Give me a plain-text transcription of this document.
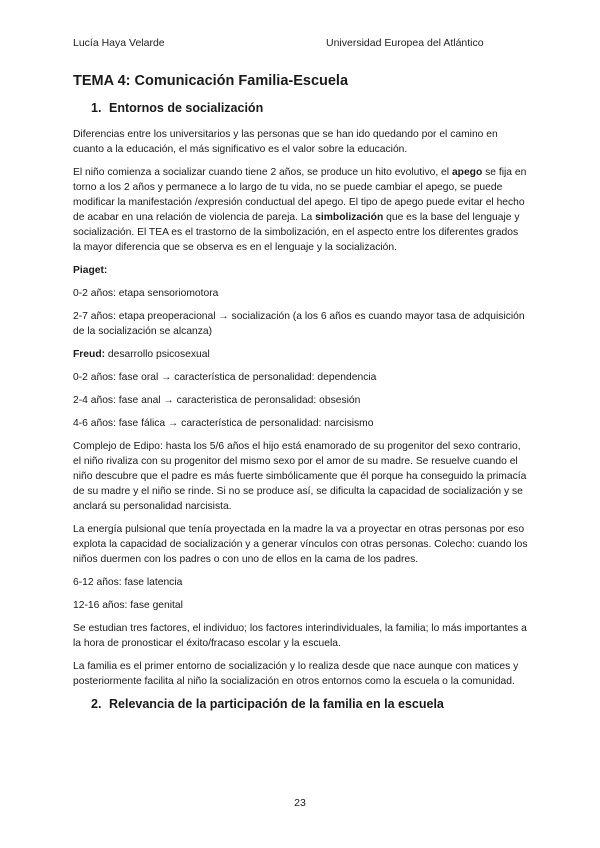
Lucía Haya Velarde	Universidad Europea del Atlántico
TEMA 4: Comunicación Familia-Escuela
1. Entornos de socialización

Diferencias entre los universitarios y las personas que se han ido quedando por el camino en cuanto a la educación, el más significativo es el valor sobre la educación.

El niño comienza a socializar cuando tiene 2 años, se produce un hito evolutivo, el apego se fija en torno a los 2 años y permanece a lo largo de tu vida, no se puede cambiar el apego, se puede modificar la manifestación /expresión conductual del apego. El tipo de apego puede evitar el hecho de acabar en una relación de violencia de pareja. La simbolización que es la base del lenguaje y socialización. El TEA es el trastorno de la simbolización, en el aspecto entre los diferentes grados la mayor diferencia que se observa es en el lenguaje y la socialización.

Piaget:

0-2 años: etapa sensoriomotora

2-7 años: etapa preoperacional → socialización (a los 6 años es cuando mayor tasa de adquisición de la socialización se alcanza)

Freud: desarrollo psicosexual

0-2 años: fase oral → característica de personalidad: dependencia

2-4 años: fase anal → caracteristica de peronsalidad: obsesión

4-6 años: fase fálica → característica de personalidad: narcisismo

Complejo de Edipo: hasta los 5/6 años el hijo está enamorado de su progenitor del sexo contrario, el niño rivaliza con su progenitor del mismo sexo por el amor de su madre. Se resuelve cuando el niño descubre que el padre es más fuerte simbólicamente que él porque ha conseguido la primacía de su madre y el niño se rinde. Si no se produce así, se dificulta la capacidad de socialización y se anclará su personalidad narcisista.

La energía pulsional que tenía proyectada en la madre la va a proyectar en otras personas por eso explota la capacidad de socialización y a generar vínculos con otras personas. Colecho: cuando los niños duermen con los padres o con uno de ellos en la cama de los padres.

6-12 años: fase latencia

12-16 años: fase genital

Se estudian tres factores, el individuo; los factores interindividuales, la familia; lo más importantes a la hora de pronosticar el éxito/fracaso escolar y la escuela.

La familia es el primer entorno de socialización y lo realiza desde que nace aunque con matices y posteriormente facilita al niño la socialización en otros entornos como la escuela o la comunidad.

2. Relevancia de la participación de la familia en la escuela
23
